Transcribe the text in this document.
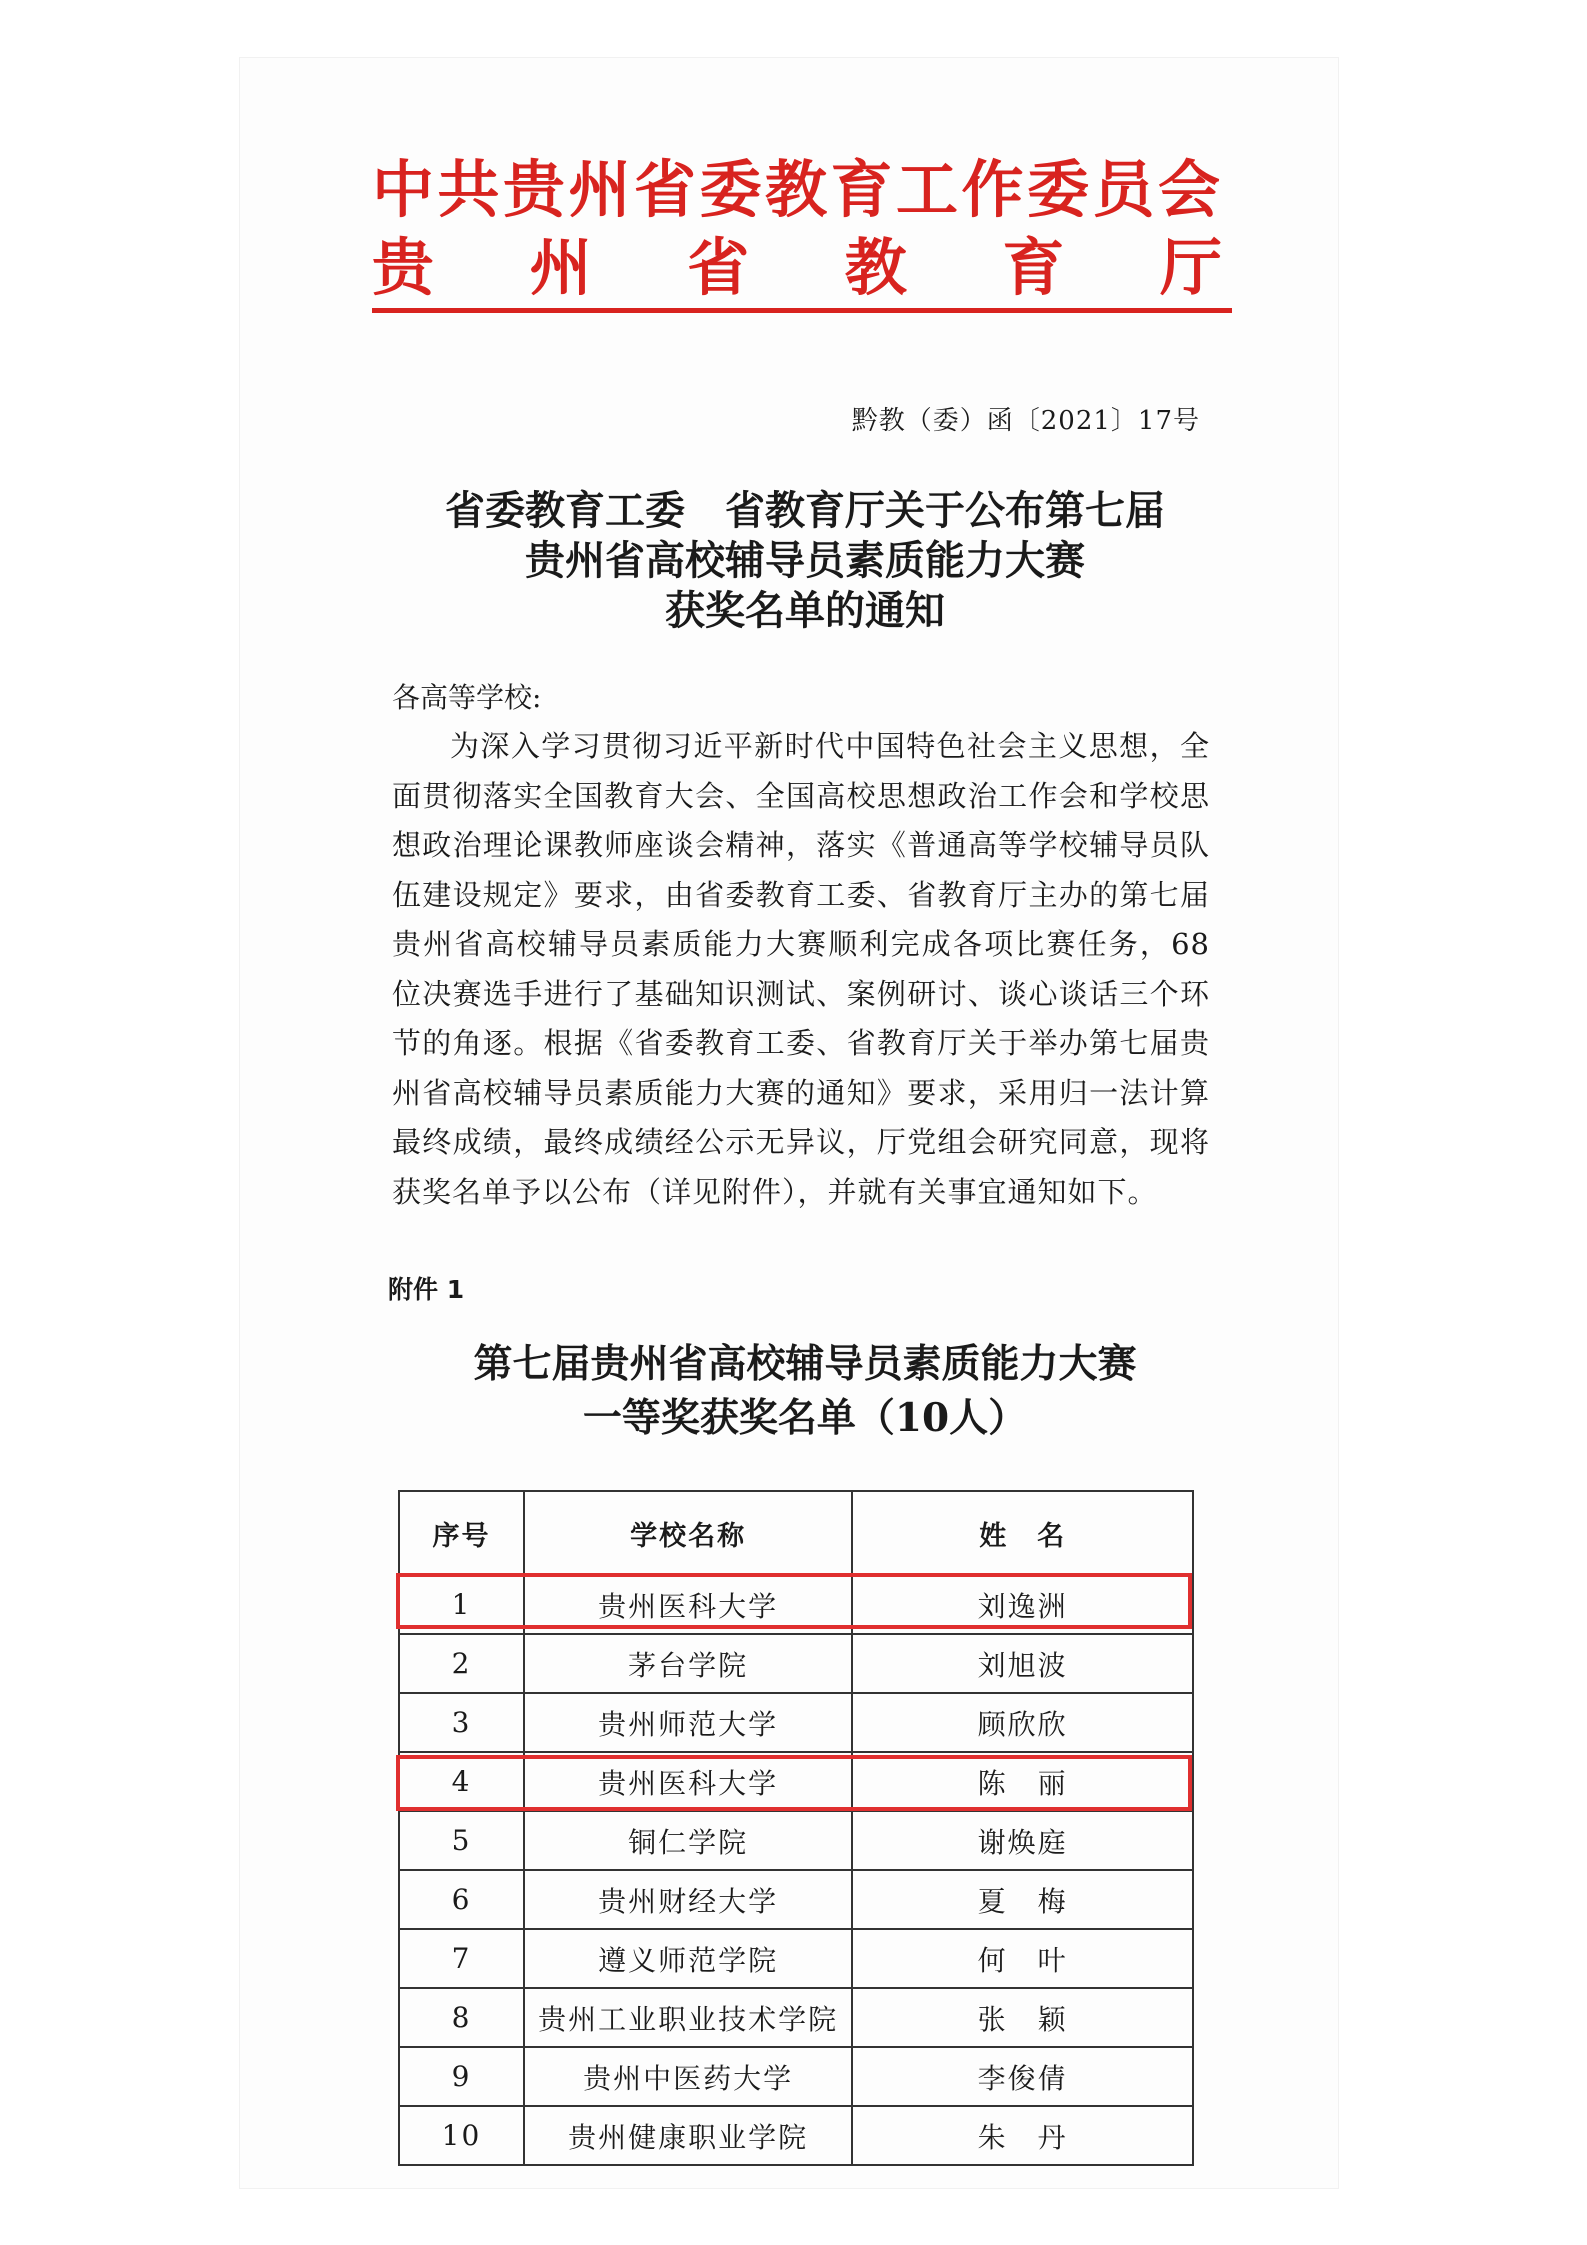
中共贵州省委教育工作委员会
贵州省教育厅
黔教（委）函〔2021〕17号
省委教育工委　省教育厅关于公布第七届
贵州省高校辅导员素质能力大赛
获奖名单的通知
各高等学校:
为深入学习贯彻习近平新时代中国特色社会主义思想，全面贯彻落实全国教育大会、全国高校思想政治工作会和学校思想政治理论课教师座谈会精神，落实《普通高等学校辅导员队伍建设规定》要求，由省委教育工委、省教育厅主办的第七届贵州省高校辅导员素质能力大赛顺利完成各项比赛任务，68位决赛选手进行了基础知识测试、案例研讨、谈心谈话三个环节的角逐。根据《省委教育工委、省教育厅关于举办第七届贵州省高校辅导员素质能力大赛的通知》要求，采用归一法计算最终成绩，最终成绩经公示无异议，厅党组会研究同意，现将获奖名单予以公布（详见附件），并就有关事宜通知如下。
附件 1
第七届贵州省高校辅导员素质能力大赛
一等奖获奖名单（10人）
序号	学校名称	姓　名
1	贵州医科大学	刘逸洲
2	茅台学院	刘旭波
3	贵州师范大学	顾欣欣
4	贵州医科大学	陈　丽
5	铜仁学院	谢焕庭
6	贵州财经大学	夏　梅
7	遵义师范学院	何　叶
8	贵州工业职业技术学院	张　颖
9	贵州中医药大学	李俊倩
10	贵州健康职业学院	朱　丹
